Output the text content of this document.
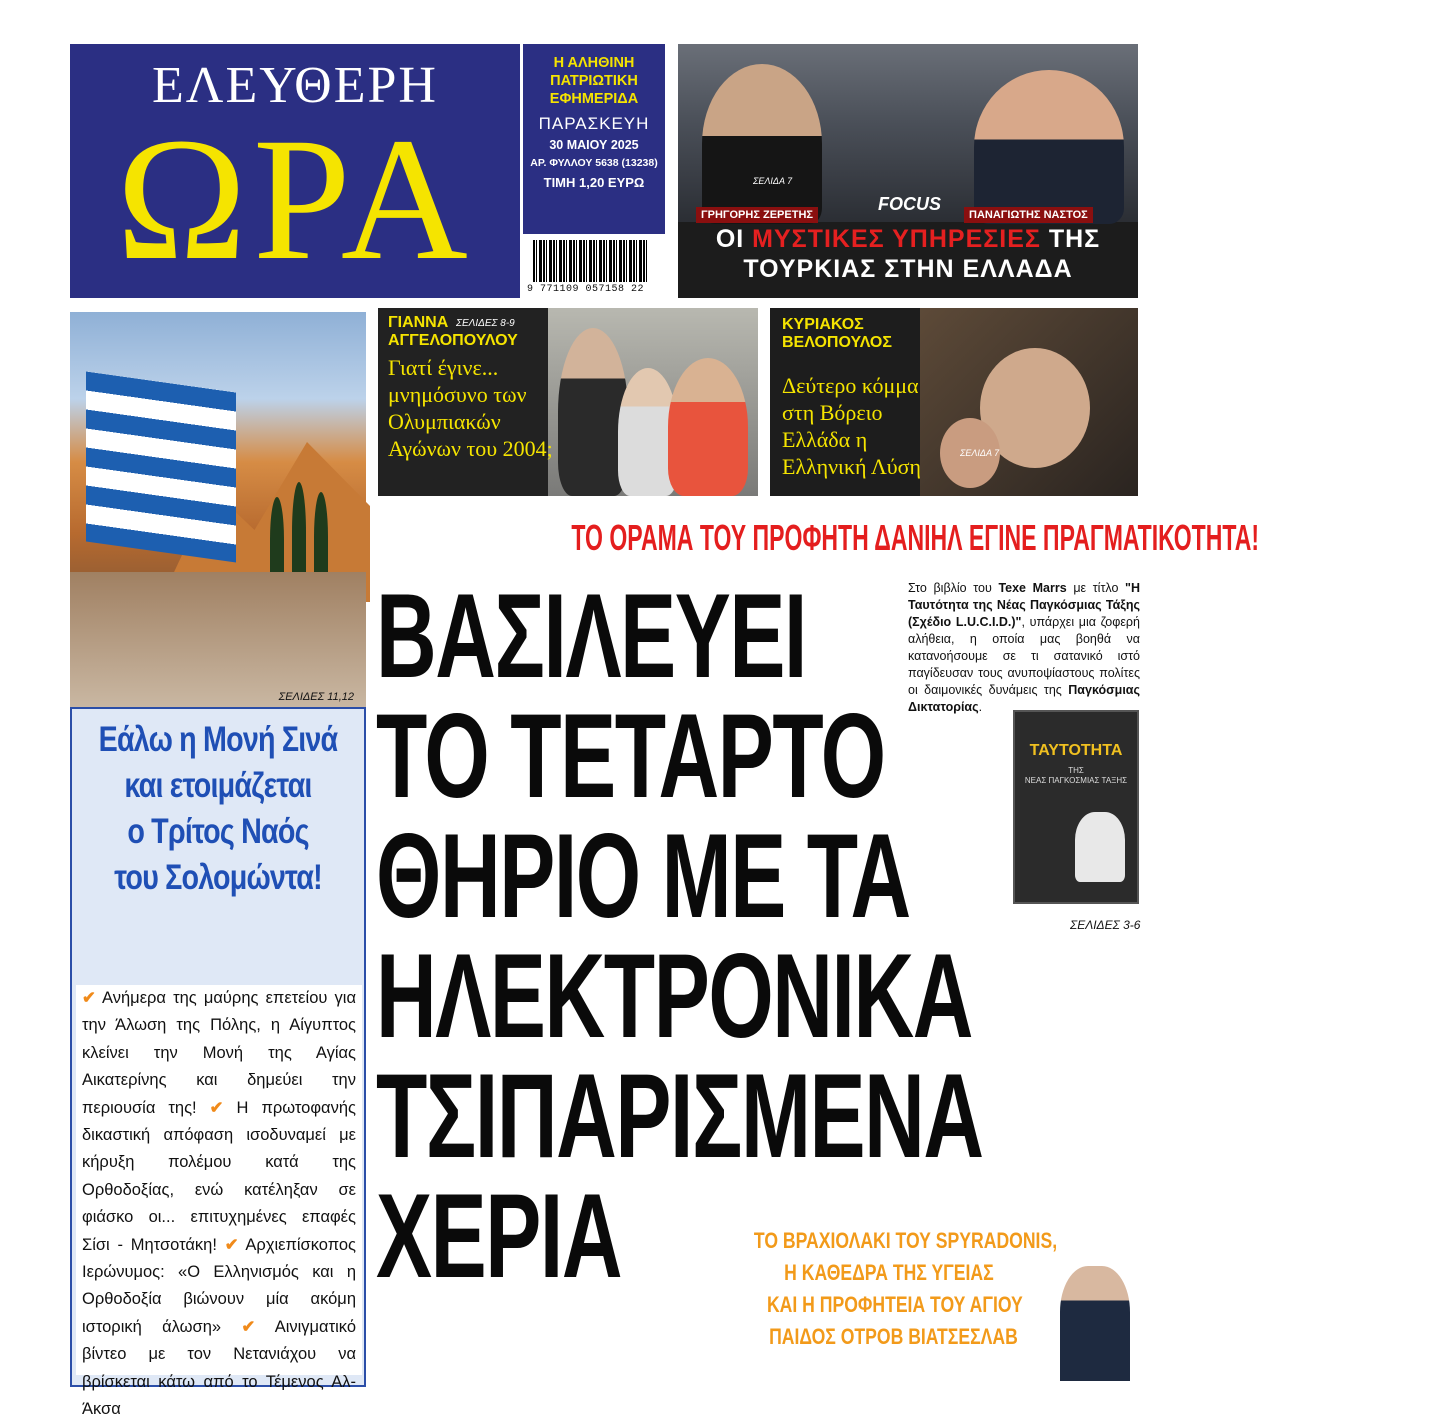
ΕΛΕΥΘΕΡΗ
ΩΡΑ
Η ΑΛΗΘΙΝΗ
ΠΑΤΡΙΩΤΙΚΗ
ΕΦΗΜΕΡΙΔΑ
ΠΑΡΑΣΚΕΥΗ
30 ΜΑΙΟΥ 2025
ΑΡ. ΦΥΛΛΟΥ 5638 (13238)
ΤΙΜΗ 1,20 ΕΥΡΩ
9 771109 057158 22
ΣΕΛΙΔΑ 7
ΓΡΗΓΟΡΗΣ ΖΕΡΕΤΗΣ
FOCUS
ΠΑΝΑΓΙΩΤΗΣ ΝΑΣΤΟΣ
ΟΙ ΜΥΣΤΙΚΕΣ ΥΠΗΡΕΣΙΕΣ ΤΗΣ
ΤΟΥΡΚΙΑΣ ΣΤΗΝ ΕΛΛΑΔΑ
ΣΕΛΙΔΕΣ 11,12
Εάλω η Μονή Σινά
και ετοιμάζεται
ο Τρίτος Ναός
του Σολομώντα!
✔ Ανήμερα της μαύρης επετείου για την Άλωση της Πόλης, η Αίγυπτος κλείνει την Μονή της Αγίας Αικατερίνης και δημεύει την περιουσία της! ✔ Η πρωτοφανής δικαστική απόφαση ισοδυναμεί με κήρυξη πολέμου κατά της Ορθοδοξίας, ενώ κατέληξαν σε φιάσκο οι... επιτυχημένες επαφές Σίσι - Μητσοτάκη! ✔ Αρχιεπίσκοπος Ιερώνυμος: «Ο Ελληνισμός και η Ορθοδοξία βιώνουν μία ακόμη ιστορική άλωση» ✔ Αινιγματικό βίντεο με τον Νετανιάχου να βρίσκεται κάτω από το Τέμενος Αλ-Άκσα
ΓΙΑΝΝΑ
ΑΓΓΕΛΟΠΟΥΛΟΥ
ΣΕΛΙΔΕΣ 8-9
Γιατί έγινε...
μνημόσυνο των
Ολυμπιακών
Αγώνων του 2004;
ΚΥΡΙΑΚΟΣ
ΒΕΛΟΠΟΥΛΟΣ
ΣΕΛΙΔΑ 7
Δεύτερο κόμμα
στη Βόρειο
Ελλάδα η
Ελληνική Λύση
ΤΟ ΟΡΑΜΑ ΤΟΥ ΠΡΟΦΗΤΗ ΔΑΝΙΗΛ ΕΓΙΝΕ ΠΡΑΓΜΑΤΙΚΟΤΗΤΑ!
ΒΑΣΙΛΕΥΕΙ
ΤΟ ΤΕΤΑΡΤΟ
ΘΗΡΙΟ ΜΕ ΤΑ
ΗΛΕΚΤΡΟΝΙΚΑ
ΤΣΙΠΑΡΙΣΜΕΝΑ
ΧΕΡΙΑ
Στο βιβλίο του Texe Marrs με τίτλο "Η Ταυτότητα της Νέας Παγκόσμιας Τάξης (Σχέδιο L.U.C.I.D.)", υπάρχει μια ζοφερή αλήθεια, η οποία μας βοηθά να κατανοήσουμε σε τι σατανικό ιστό παγίδευσαν τους ανυποψίαστους πολίτες οι δαιμονικές δυνάμεις της Παγκόσμιας Δικτατορίας.
ΤΑΥΤΟΤΗΤΑ
ΤΗΣ
ΝΕΑΣ ΠΑΓΚΟΣΜΙΑΣ ΤΑΞΗΣ
ΣΕΛΙΔΕΣ 3-6
ΤΟ ΒΡΑΧΙΟΛΑΚΙ ΤΟΥ SPYRADONIS,
Η ΚΑΘΕΔΡΑ ΤΗΣ ΥΓΕΙΑΣ
ΚΑΙ Η ΠΡΟΦΗΤΕΙΑ ΤΟΥ ΑΓΙΟΥ
ΠΑΙΔΟΣ ΟΤΡΟΒ ΒΙΑΤΣΕΣΛΑΒ
